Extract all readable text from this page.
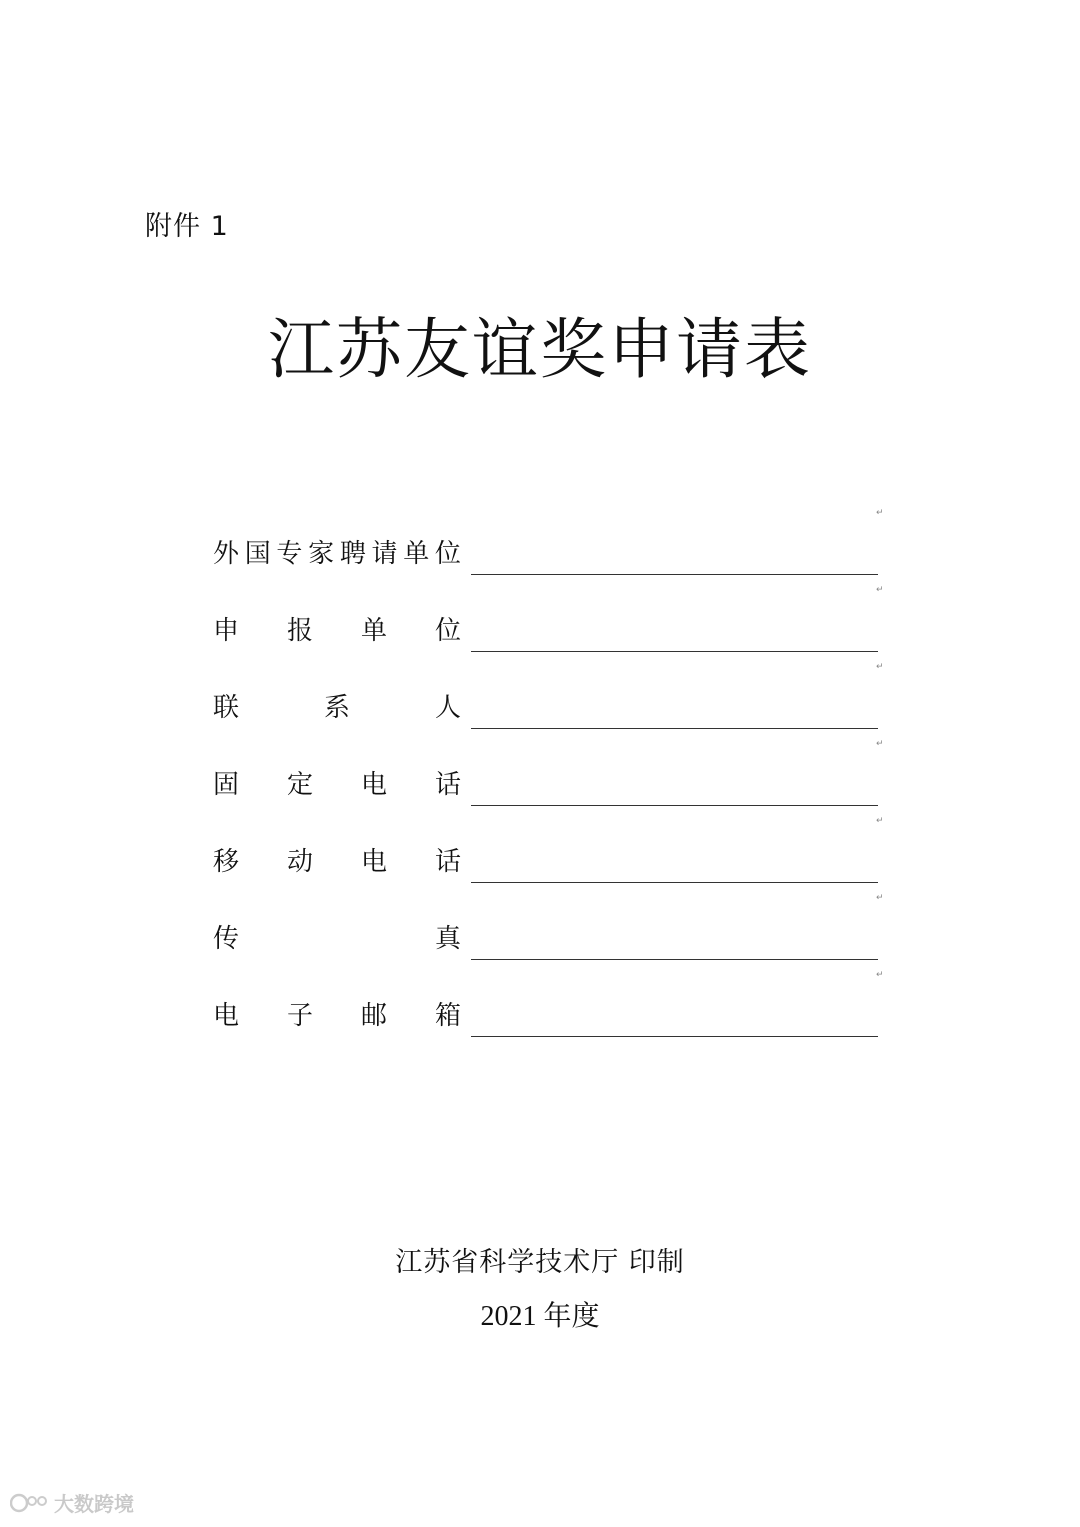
附件 1
江苏友谊奖申请表
↵
外 国 专 家 聘 请 单 位
↵
申 报 单 位
↵
联	系	人
↵
固 定 电 话
↵
移 动 电 话
↵
传	真
↵
电 子 邮 箱
江苏省科学技术厅 印制
2021 年度
大数跨境
